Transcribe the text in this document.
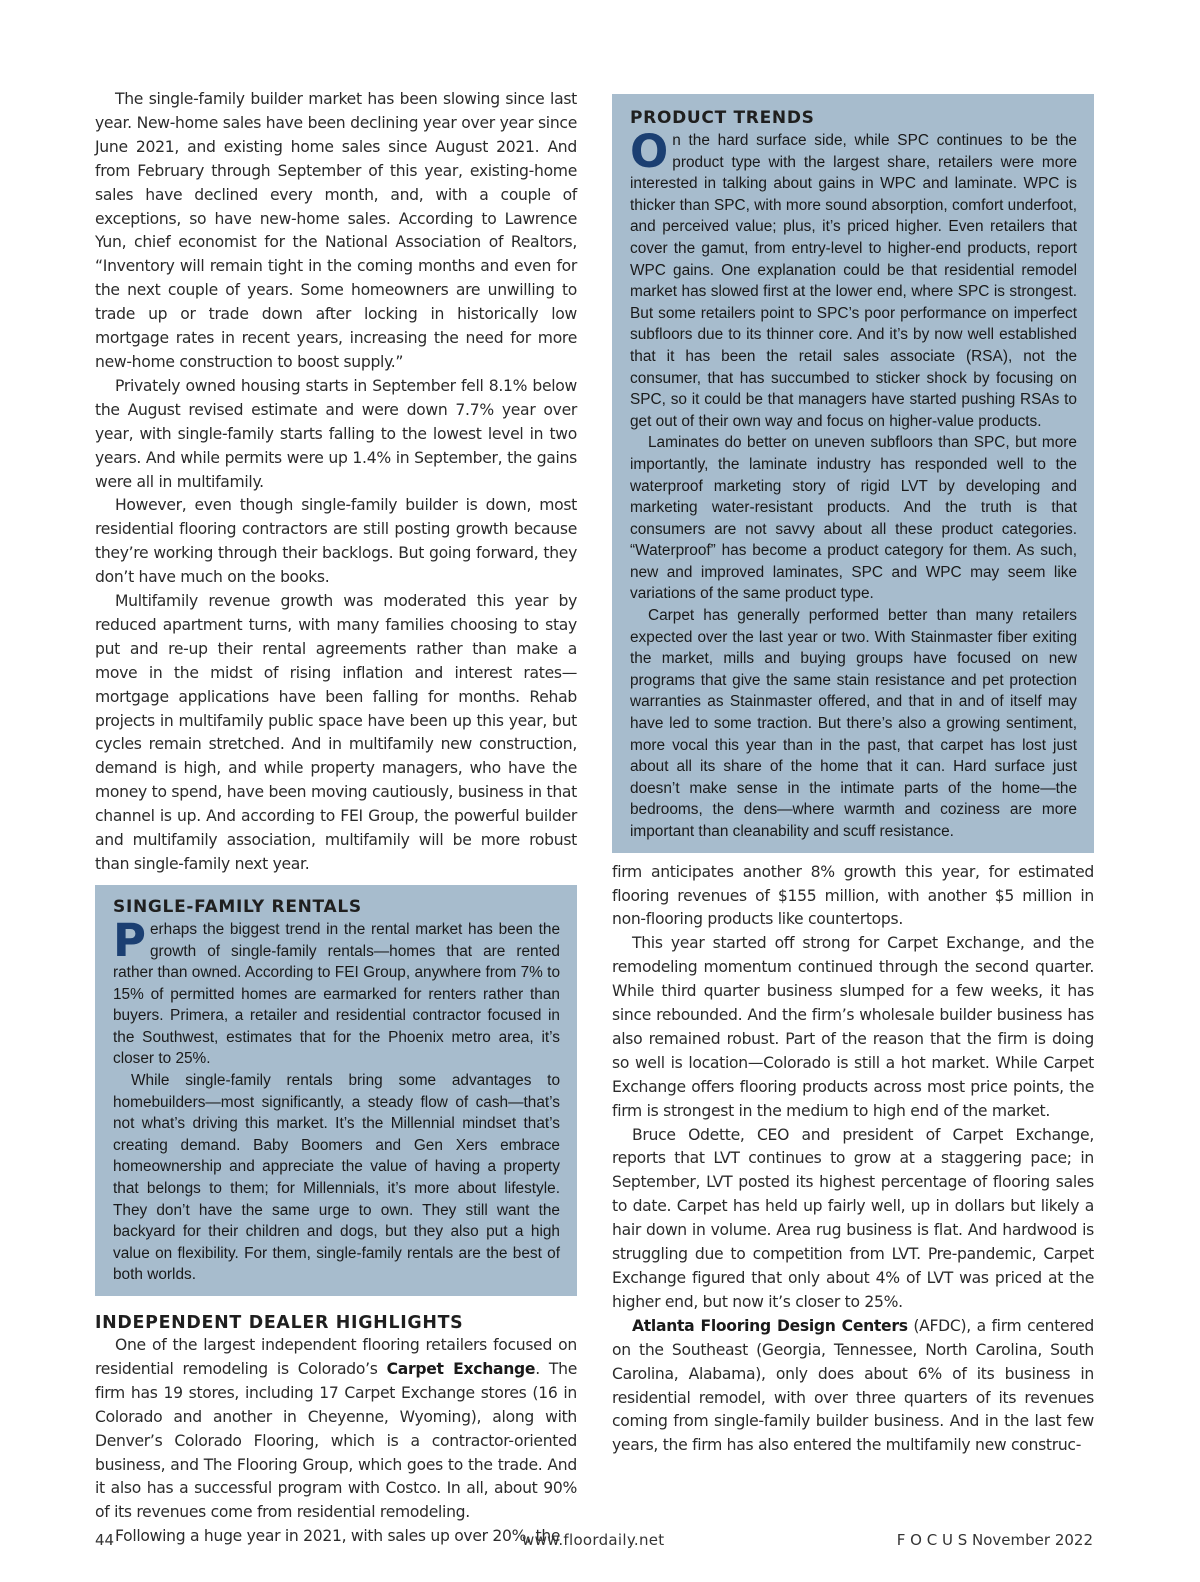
The single-family builder market has been slowing since last year. New-home sales have been declining year over year since June 2021, and existing home sales since August 2021. And from February through September of this year, existing-home sales have declined every month, and, with a couple of exceptions, so have new-home sales. According to Lawrence Yun, chief economist for the National Association of Realtors, “Inventory will remain tight in the coming months and even for the next couple of years. Some homeowners are unwilling to trade up or trade down after locking in historically low mortgage rates in recent years, increasing the need for more new-home construction to boost supply.”

Privately owned housing starts in September fell 8.1% below the August revised estimate and were down 7.7% year over year, with single-family starts falling to the lowest level in two years. And while permits were up 1.4% in September, the gains were all in multifamily.

However, even though single-family builder is down, most residential flooring contractors are still posting growth because they’re working through their backlogs. But going forward, they don’t have much on the books.

Multifamily revenue growth was moderated this year by reduced apartment turns, with many families choosing to stay put and re-up their rental agreements rather than make a move in the midst of rising inflation and interest rates—mortgage applications have been falling for months. Rehab projects in multifamily public space have been up this year, but cycles remain stretched. And in multifamily new construction, demand is high, and while property managers, who have the money to spend, have been moving cautiously, business in that channel is up. And according to FEI Group, the powerful builder and multifamily association, multifamily will be more robust than single-family next year.

SINGLE-FAMILY RENTALS

Perhaps the biggest trend in the rental market has been the growth of single-family rentals—homes that are rented rather than owned. According to FEI Group, anywhere from 7% to 15% of permitted homes are earmarked for renters rather than buyers. Primera, a retailer and residential contractor focused in the Southwest, estimates that for the Phoenix metro area, it’s closer to 25%.

While single-family rentals bring some advantages to homebuilders—most significantly, a steady flow of cash—that’s not what’s driving this market. It’s the Millennial mindset that’s creating demand. Baby Boomers and Gen Xers embrace homeownership and appreciate the value of having a property that belongs to them; for Millennials, it’s more about lifestyle. They don’t have the same urge to own. They still want the backyard for their children and dogs, but they also put a high value on flexibility. For them, single-family rentals are the best of both worlds.

INDEPENDENT DEALER HIGHLIGHTS

One of the largest independent flooring retailers focused on residential remodeling is Colorado’s Carpet Exchange. The firm has 19 stores, including 17 Carpet Exchange stores (16 in Colorado and another in Cheyenne, Wyoming), along with Denver’s Colorado Flooring, which is a contractor-oriented business, and The Flooring Group, which goes to the trade. And it also has a successful program with Costco. In all, about 90% of its revenues come from residential remodeling.

Following a huge year in 2021, with sales up over 20%, the

PRODUCT TRENDS

On the hard surface side, while SPC continues to be the product type with the largest share, retailers were more interested in talking about gains in WPC and laminate. WPC is thicker than SPC, with more sound absorption, comfort underfoot, and perceived value; plus, it’s priced higher. Even retailers that cover the gamut, from entry-level to higher-end products, report WPC gains. One explanation could be that residential remodel market has slowed first at the lower end, where SPC is strongest. But some retailers point to SPC’s poor performance on imperfect subfloors due to its thinner core. And it’s by now well established that it has been the retail sales associate (RSA), not the consumer, that has succumbed to sticker shock by focusing on SPC, so it could be that managers have started pushing RSAs to get out of their own way and focus on higher-value products.

Laminates do better on uneven subfloors than SPC, but more importantly, the laminate industry has responded well to the waterproof marketing story of rigid LVT by developing and marketing water-resistant products. And the truth is that consumers are not savvy about all these product categories. “Waterproof” has become a product category for them. As such, new and improved laminates, SPC and WPC may seem like variations of the same product type.

Carpet has generally performed better than many retailers expected over the last year or two. With Stainmaster fiber exiting the market, mills and buying groups have focused on new programs that give the same stain resistance and pet protection warranties as Stainmaster offered, and that in and of itself may have led to some traction. But there’s also a growing sentiment, more vocal this year than in the past, that carpet has lost just about all its share of the home that it can. Hard surface just doesn’t make sense in the intimate parts of the home—the bedrooms, the dens—where warmth and coziness are more important than cleanability and scuff resistance.

firm anticipates another 8% growth this year, for estimated flooring revenues of $155 million, with another $5 million in non-flooring products like countertops.

This year started off strong for Carpet Exchange, and the remodeling momentum continued through the second quarter. While third quarter business slumped for a few weeks, it has since rebounded. And the firm’s wholesale builder business has also remained robust. Part of the reason that the firm is doing so well is location—Colorado is still a hot market. While Carpet Exchange offers flooring products across most price points, the firm is strongest in the medium to high end of the market.

Bruce Odette, CEO and president of Carpet Exchange, reports that LVT continues to grow at a staggering pace; in September, LVT posted its highest percentage of flooring sales to date. Carpet has held up fairly well, up in dollars but likely a hair down in volume. Area rug business is flat. And hardwood is struggling due to competition from LVT. Pre-pandemic, Carpet Exchange figured that only about 4% of LVT was priced at the higher end, but now it’s closer to 25%.

Atlanta Flooring Design Centers (AFDC), a firm centered on the Southeast (Georgia, Tennessee, North Carolina, South Carolina, Alabama), only does about 6% of its business in residential remodel, with over three quarters of its revenues coming from single-family builder business. And in the last few years, the firm has also entered the multifamily new construc-

44	www.floordaily.net	F O C U S November 2022
